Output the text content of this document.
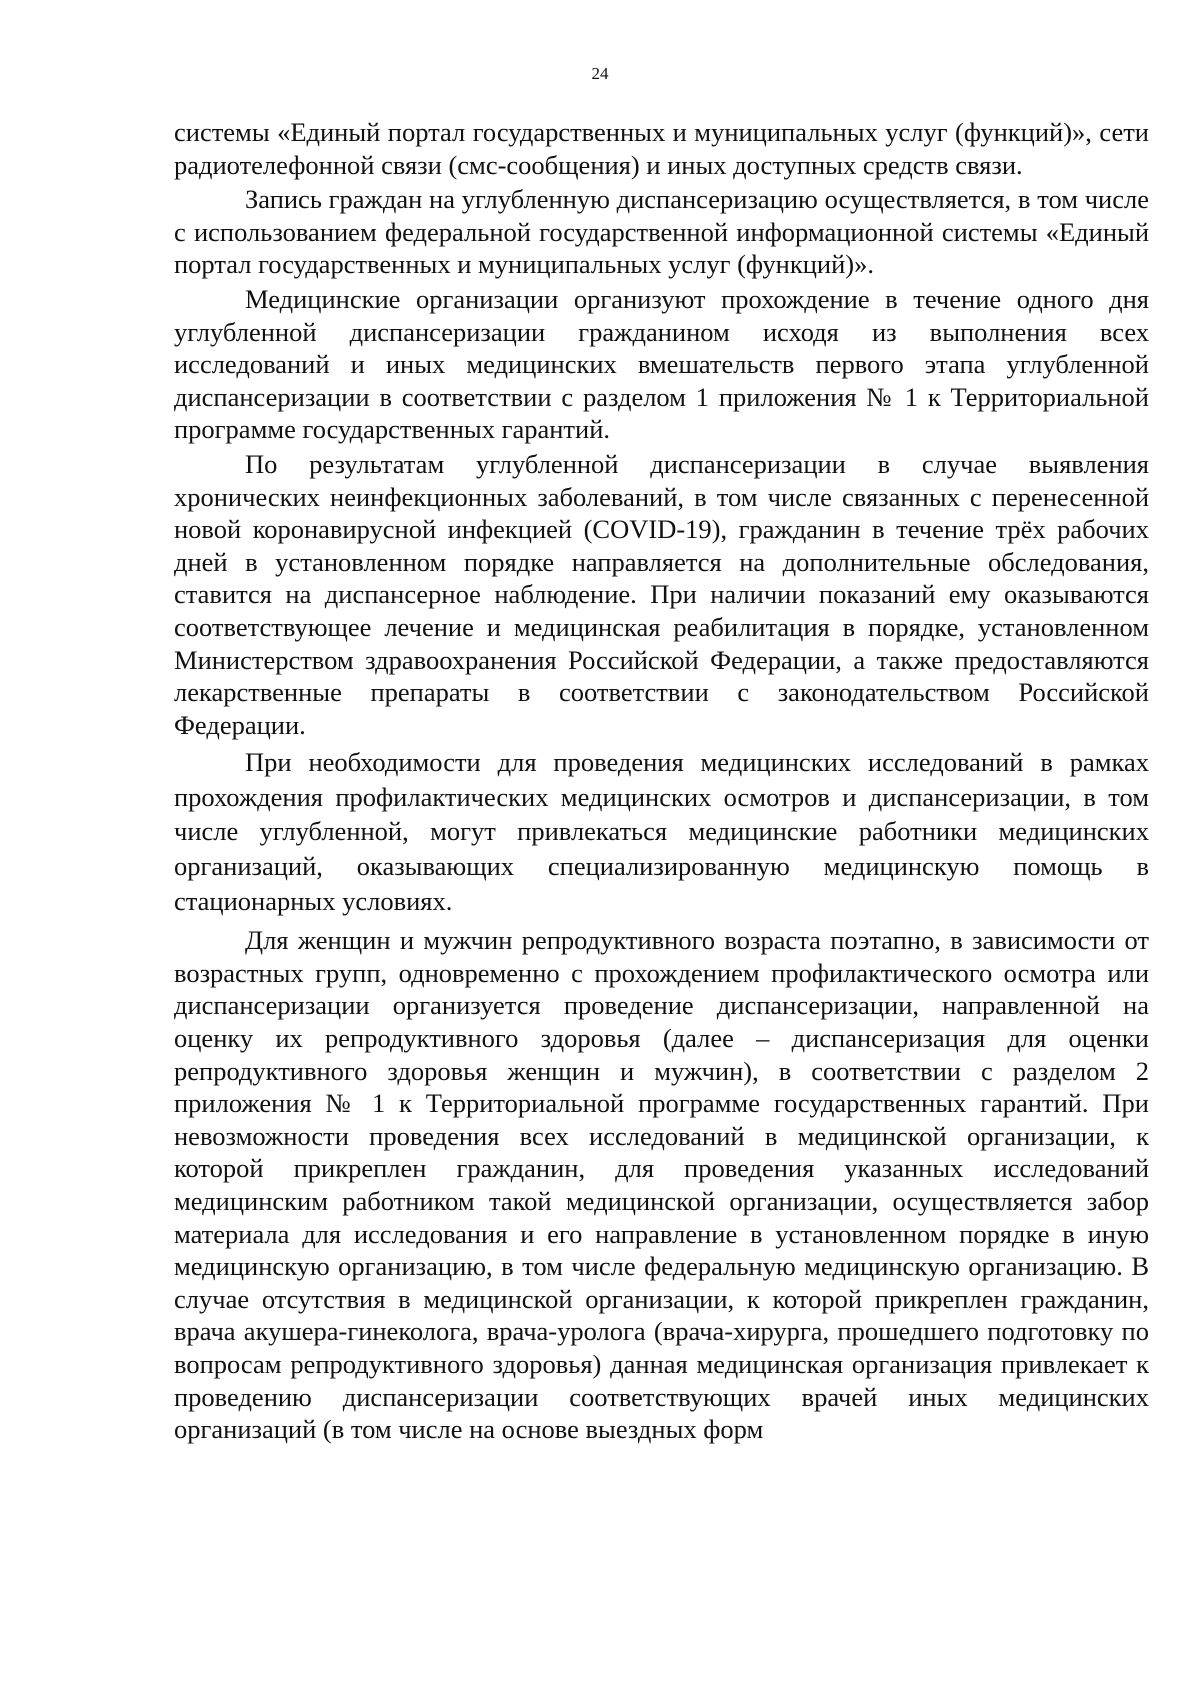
24

системы «Единый портал государственных и муниципальных услуг (функций)», сети радиотелефонной связи (смс-сообщения) и иных доступных средств связи.

Запись граждан на углубленную диспансеризацию осуществляется, в том числе с использованием федеральной государственной информационной системы «Единый портал государственных и муниципальных услуг (функций)».

Медицинские организации организуют прохождение в течение одного дня углубленной диспансеризации гражданином исходя из выполнения всех исследований и иных медицинских вмешательств первого этапа углубленной диспансеризации в соответствии с разделом 1 приложения № 1 к Территориальной программе государственных гарантий.

По результатам углубленной диспансеризации в случае выявления хронических неинфекционных заболеваний, в том числе связанных с перенесенной новой коронавирусной инфекцией (COVID-19), гражданин в течение трёх рабочих дней в установленном порядке направляется на дополнительные обследования, ставится на диспансерное наблюдение. При наличии показаний ему оказываются соответствующее лечение и медицинская реабилитация в порядке, установленном Министерством здравоохранения Российской Федерации, а также предоставляются лекарственные препараты в соответствии с законодательством Российской Федерации.

При необходимости для проведения медицинских исследований в рамках прохождения профилактических медицинских осмотров и диспансеризации, в том числе углубленной, могут привлекаться медицинские работники медицинских организаций, оказывающих специализированную медицинскую помощь в стационарных условиях.

Для женщин и мужчин репродуктивного возраста поэтапно, в зависимости от возрастных групп, одновременно с прохождением профилактического осмотра или диспансеризации организуется проведение диспансеризации, направленной на оценку их репродуктивного здоровья (далее – диспансеризация для оценки репродуктивного здоровья женщин и мужчин), в соответствии с разделом 2 приложения № 1 к Территориальной программе государственных гарантий. При невозможности проведения всех исследований в медицинской организации, к которой прикреплен гражданин, для проведения указанных исследований медицинским работником такой медицинской организации, осуществляется забор материала для исследования и его направление в установленном порядке в иную медицинскую организацию, в том числе федеральную медицинскую организацию. В случае отсутствия в медицинской организации, к которой прикреплен гражданин, врача акушера-гинеколога, врача-уролога (врача-хирурга, прошедшего подготовку по вопросам репродуктивного здоровья) данная медицинская организация привлекает к проведению диспансеризации соответствующих врачей иных медицинских организаций (в том числе на основе выездных форм
